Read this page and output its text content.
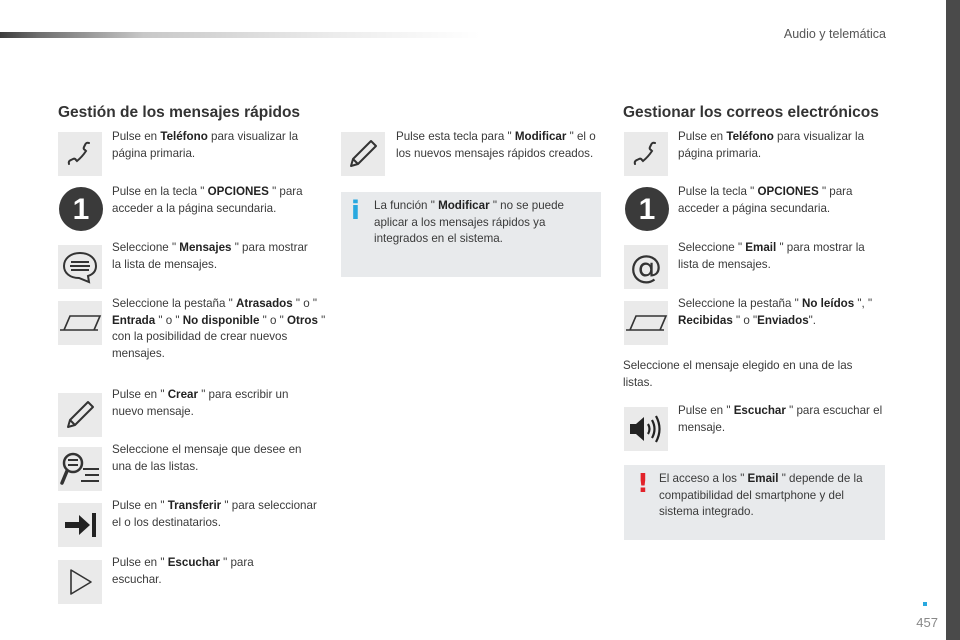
Audio y telemática
Gestión de los mensajes rápidos
Pulse en Teléfono para visualizar la página primaria.
1
Pulse en la tecla " OPCIONES " para acceder a la página secundaria.
Seleccione " Mensajes " para mostrar la lista de mensajes.
Seleccione la pestaña " Atrasados " o " Entrada " o " No disponible " o " Otros " con la posibilidad de crear nuevos mensajes.
Pulse en " Crear " para escribir un nuevo mensaje.
Seleccione el mensaje que desee en una de las listas.
Pulse en " Transferir " para seleccionar el o los destinatarios.
Pulse en " Escuchar " para escuchar.
Pulse esta tecla para " Modificar " el o los nuevos mensajes rápidos creados.
i La función " Modificar " no se puede aplicar a los mensajes rápidos ya integrados en el sistema.
Gestionar los correos electrónicos
Pulse en Teléfono para visualizar la página primaria.
1
Pulse la tecla " OPCIONES " para acceder a página secundaria.
@
Seleccione " Email " para mostrar la lista de mensajes.
Seleccione la pestaña " No leídos ", " Recibidas " o "Enviados".
Seleccione el mensaje elegido en una de las listas.
Pulse en " Escuchar " para escuchar el mensaje.
! El acceso a los " Email " depende de la compatibilidad del smartphone y del sistema integrado.
457
